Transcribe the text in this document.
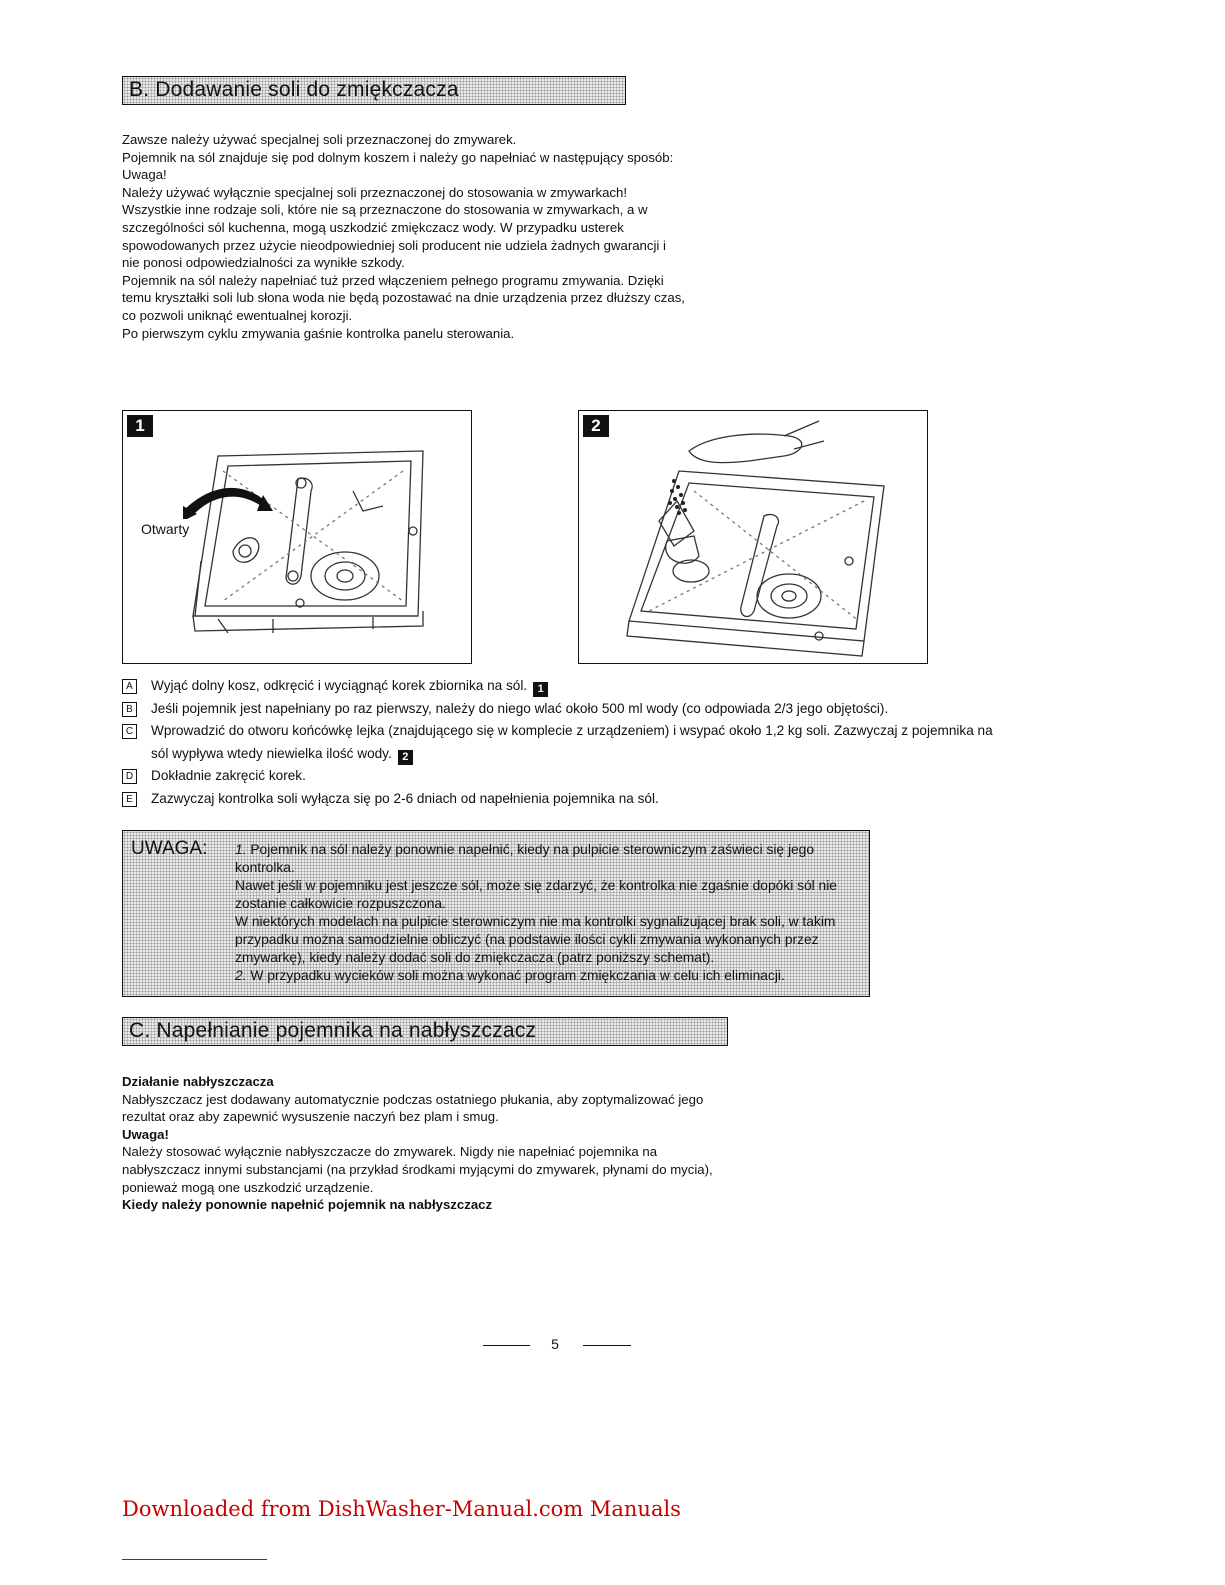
B. Dodawanie soli do zmiękczacza

Zawsze należy używać specjalnej soli przeznaczonej do zmywarek.

Pojemnik na sól znajduje się pod dolnym koszem i należy go napełniać w następujący sposób:

Uwaga!

Należy używać wyłącznie specjalnej soli przeznaczonej do stosowania w zmywarkach! Wszystkie inne rodzaje soli, które nie są przeznaczone do stosowania w zmywarkach, a w szczególności sól kuchenna, mogą uszkodzić zmiękczacz wody. W przypadku usterek spowodowanych przez użycie nieodpowiedniej soli producent nie udziela żadnych gwarancji i nie ponosi odpowiedzialności za wynikłe szkody.

Pojemnik na sól należy napełniać tuż przed włączeniem pełnego programu zmywania. Dzięki temu kryształki soli lub słona woda nie będą pozostawać na dnie urządzenia przez dłuższy czas, co pozwoli uniknąć ewentualnej korozji.

Po pierwszym cyklu zmywania gaśnie kontrolka panelu sterowania.

1
Otwarty
2
A	Wyjąć dolny kosz, odkręcić i wyciągnąć korek zbiornika na sól. 1
B	Jeśli pojemnik jest napełniany po raz pierwszy, należy do niego wlać około 500 ml wody (co odpowiada 2/3 jego objętości).
C Wprowadzić do otworu końcówkę lejka (znajdującego się w komplecie z urządzeniem) i wsypać około 1,2 kg soli. Zazwyczaj z pojemnika na sól wypływa wtedy niewielka ilość wody. 2
D Dokładnie zakręcić korek.
E	Zazwyczaj kontrolka soli wyłącza się po 2-6 dniach od napełnienia pojemnika na sól.
UWAGA: 1. Pojemnik na sól należy ponownie napełnić, kiedy na pulpicie sterowniczym zaświeci się jego kontrolka.
Nawet jeśli w pojemniku jest jeszcze sól, może się zdarzyć, że kontrolka nie zgaśnie dopóki sól nie zostanie całkowicie rozpuszczona.
W niektórych modelach na pulpicie sterowniczym nie ma kontrolki sygnalizującej brak soli, w takim przypadku można samodzielnie obliczyć (na podstawie ilości cykli zmywania wykonanych przez zmywarkę), kiedy należy dodać soli do zmiękczacza (patrz poniższy schemat).
2. W przypadku wycieków soli można wykonać program zmiękczania w celu ich eliminacji.
C. Napełnianie pojemnika na nabłyszczacz

Działanie nabłyszczacza

Nabłyszczacz jest dodawany automatycznie podczas ostatniego płukania, aby zoptymalizować jego rezultat oraz aby zapewnić wysuszenie naczyń bez plam i smug.

Uwaga!

Należy stosować wyłącznie nabłyszczacze do zmywarek. Nigdy nie napełniać pojemnika na nabłyszczacz innymi substancjami (na przykład środkami myjącymi do zmywarek, płynami do mycia), ponieważ mogą one uszkodzić urządzenie.

Kiedy należy ponownie napełnić pojemnik na nabłyszczacz

5
Downloaded from DishWasher-Manual.com Manuals
